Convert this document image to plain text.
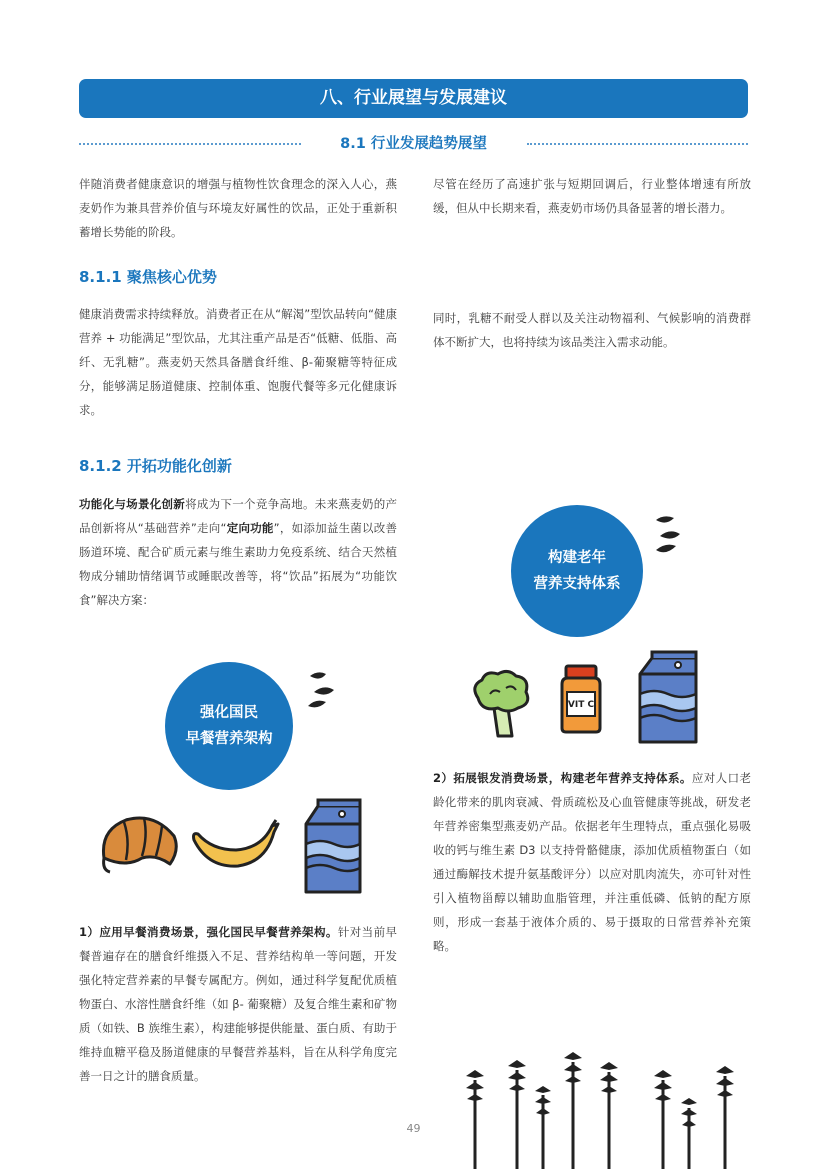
八、行业展望与发展建议
8.1 行业发展趋势展望
伴随消费者健康意识的增强与植物性饮食理念的深入人心，燕麦奶作为兼具营养价值与环境友好属性的饮品，正处于重新积蓄增长势能的阶段。
尽管在经历了高速扩张与短期回调后，行业整体增速有所放缓，但从中长期来看，燕麦奶市场仍具备显著的增长潜力。
8.1.1 聚焦核心优势
健康消费需求持续释放。消费者正在从“解渴”型饮品转向“健康营养 + 功能满足”型饮品，尤其注重产品是否“低糖、低脂、高纤、无乳糖”。燕麦奶天然具备膳食纤维、β-葡聚糖等特征成分，能够满足肠道健康、控制体重、饱腹代餐等多元化健康诉求。
同时，乳糖不耐受人群以及关注动物福利、气候影响的消费群体不断扩大，也将持续为该品类注入需求动能。
8.1.2 开拓功能化创新
功能化与场景化创新将成为下一个竞争高地。未来燕麦奶的产品创新将从“基础营养”走向“定向功能”，如添加益生菌以改善肠道环境、配合矿质元素与维生素助力免疫系统、结合天然植物成分辅助情绪调节或睡眠改善等，将“饮品”拓展为“功能饮食”解决方案：
强化国民
早餐营养架构
1）应用早餐消费场景，强化国民早餐营养架构。针对当前早餐普遍存在的膳食纤维摄入不足、营养结构单一等问题，开发强化特定营养素的早餐专属配方。例如，通过科学复配优质植物蛋白、水溶性膳食纤维（如 β- 葡聚糖）及复合维生素和矿物质（如铁、B 族维生素），构建能够提供能量、蛋白质、有助于维持血糖平稳及肠道健康的早餐营养基料，旨在从科学角度完善一日之计的膳食质量。
构建老年
营养支持体系
VIT C
2）拓展银发消费场景，构建老年营养支持体系。应对人口老龄化带来的肌肉衰减、骨质疏松及心血管健康等挑战，研发老年营养密集型燕麦奶产品。依据老年生理特点，重点强化易吸收的钙与维生素 D3 以支持骨骼健康，添加优质植物蛋白（如通过酶解技术提升氨基酸评分）以应对肌肉流失，亦可针对性引入植物甾醇以辅助血脂管理，并注重低磷、低钠的配方原则，形成一套基于液体介质的、易于摄取的日常营养补充策略。
49
